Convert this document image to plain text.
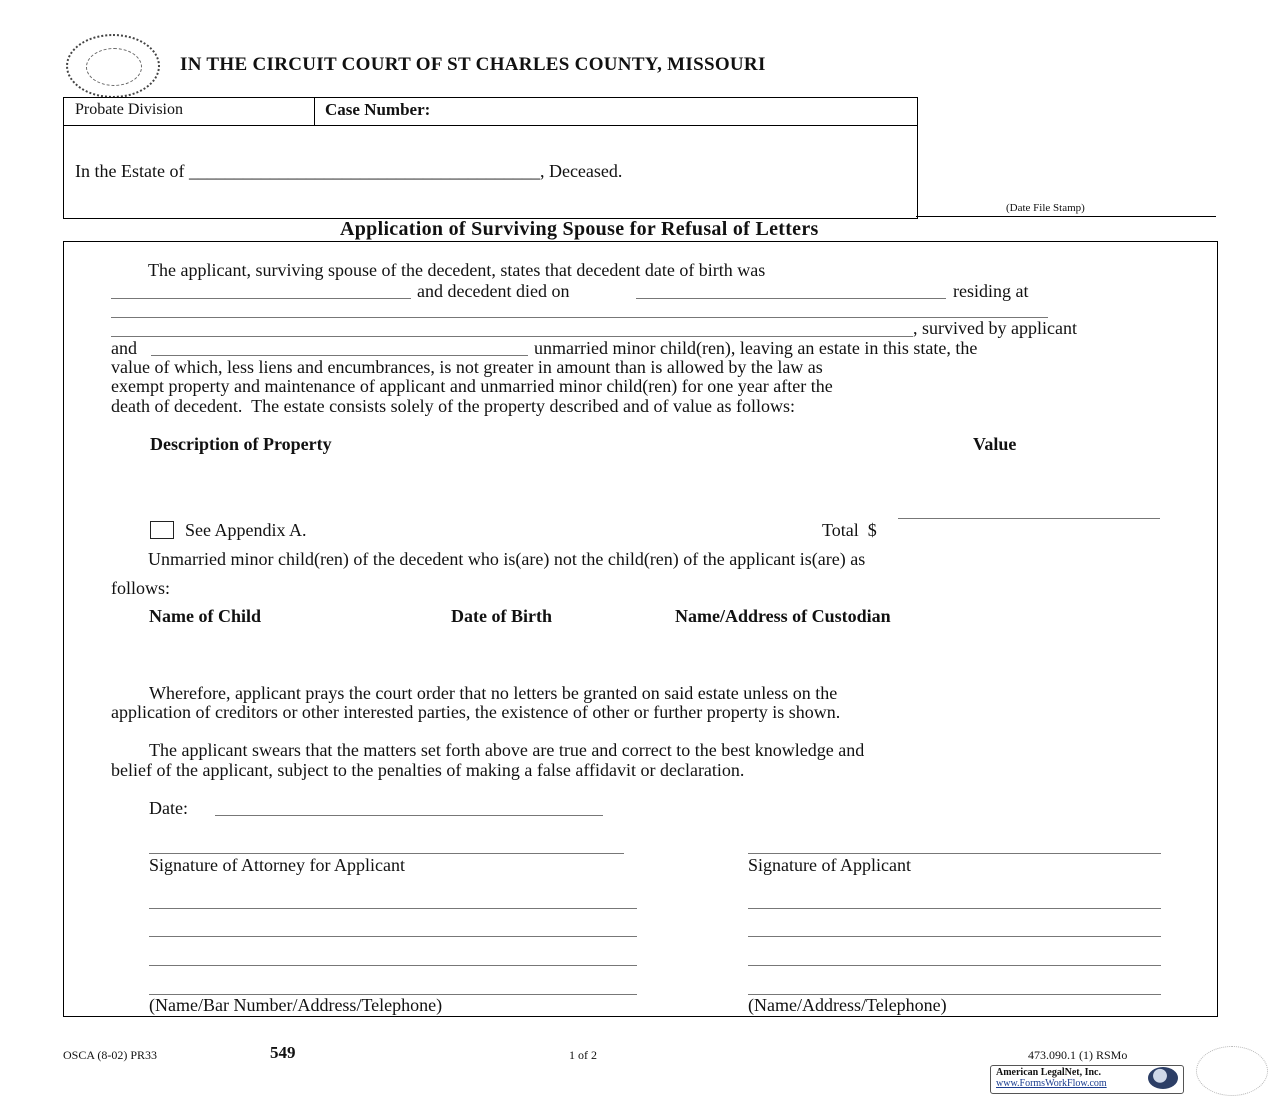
IN THE CIRCUIT COURT OF ST CHARLES COUNTY, MISSOURI
Probate Division	Case Number:
In the Estate of _______________________________________, Deceased.
(Date File Stamp)
Application of Surviving Spouse for Refusal of Letters
The applicant, surviving spouse of the decedent, states that decedent date of birth was
and decedent died on	residing at
, survived by applicant
and	unmarried minor child(ren), leaving an estate in this state, the
value of which, less liens and encumbrances, is not greater in amount than is allowed by the law as
exempt property and maintenance of applicant and unmarried minor child(ren) for one year after the
death of decedent.  The estate consists solely of the property described and of value as follows:
Description of Property	Value
See Appendix A.	Total  $
Unmarried minor child(ren) of the decedent who is(are) not the child(ren) of the applicant is(are) as
follows:
Name of Child	Date of Birth	Name/Address of Custodian
Wherefore, applicant prays the court order that no letters be granted on said estate unless on the
application of creditors or other interested parties, the existence of other or further property is shown.
The applicant swears that the matters set forth above are true and correct to the best knowledge and
belief of the applicant, subject to the penalties of making a false affidavit or declaration.
Date:
Signature of Attorney for Applicant	Signature of Applicant
(Name/Bar Number/Address/Telephone)	(Name/Address/Telephone)
OSCA (8-02) PR33	549	1 of 2	473.090.1 (1) RSMo
American LegalNet, Inc.
www.FormsWorkFlow.com
